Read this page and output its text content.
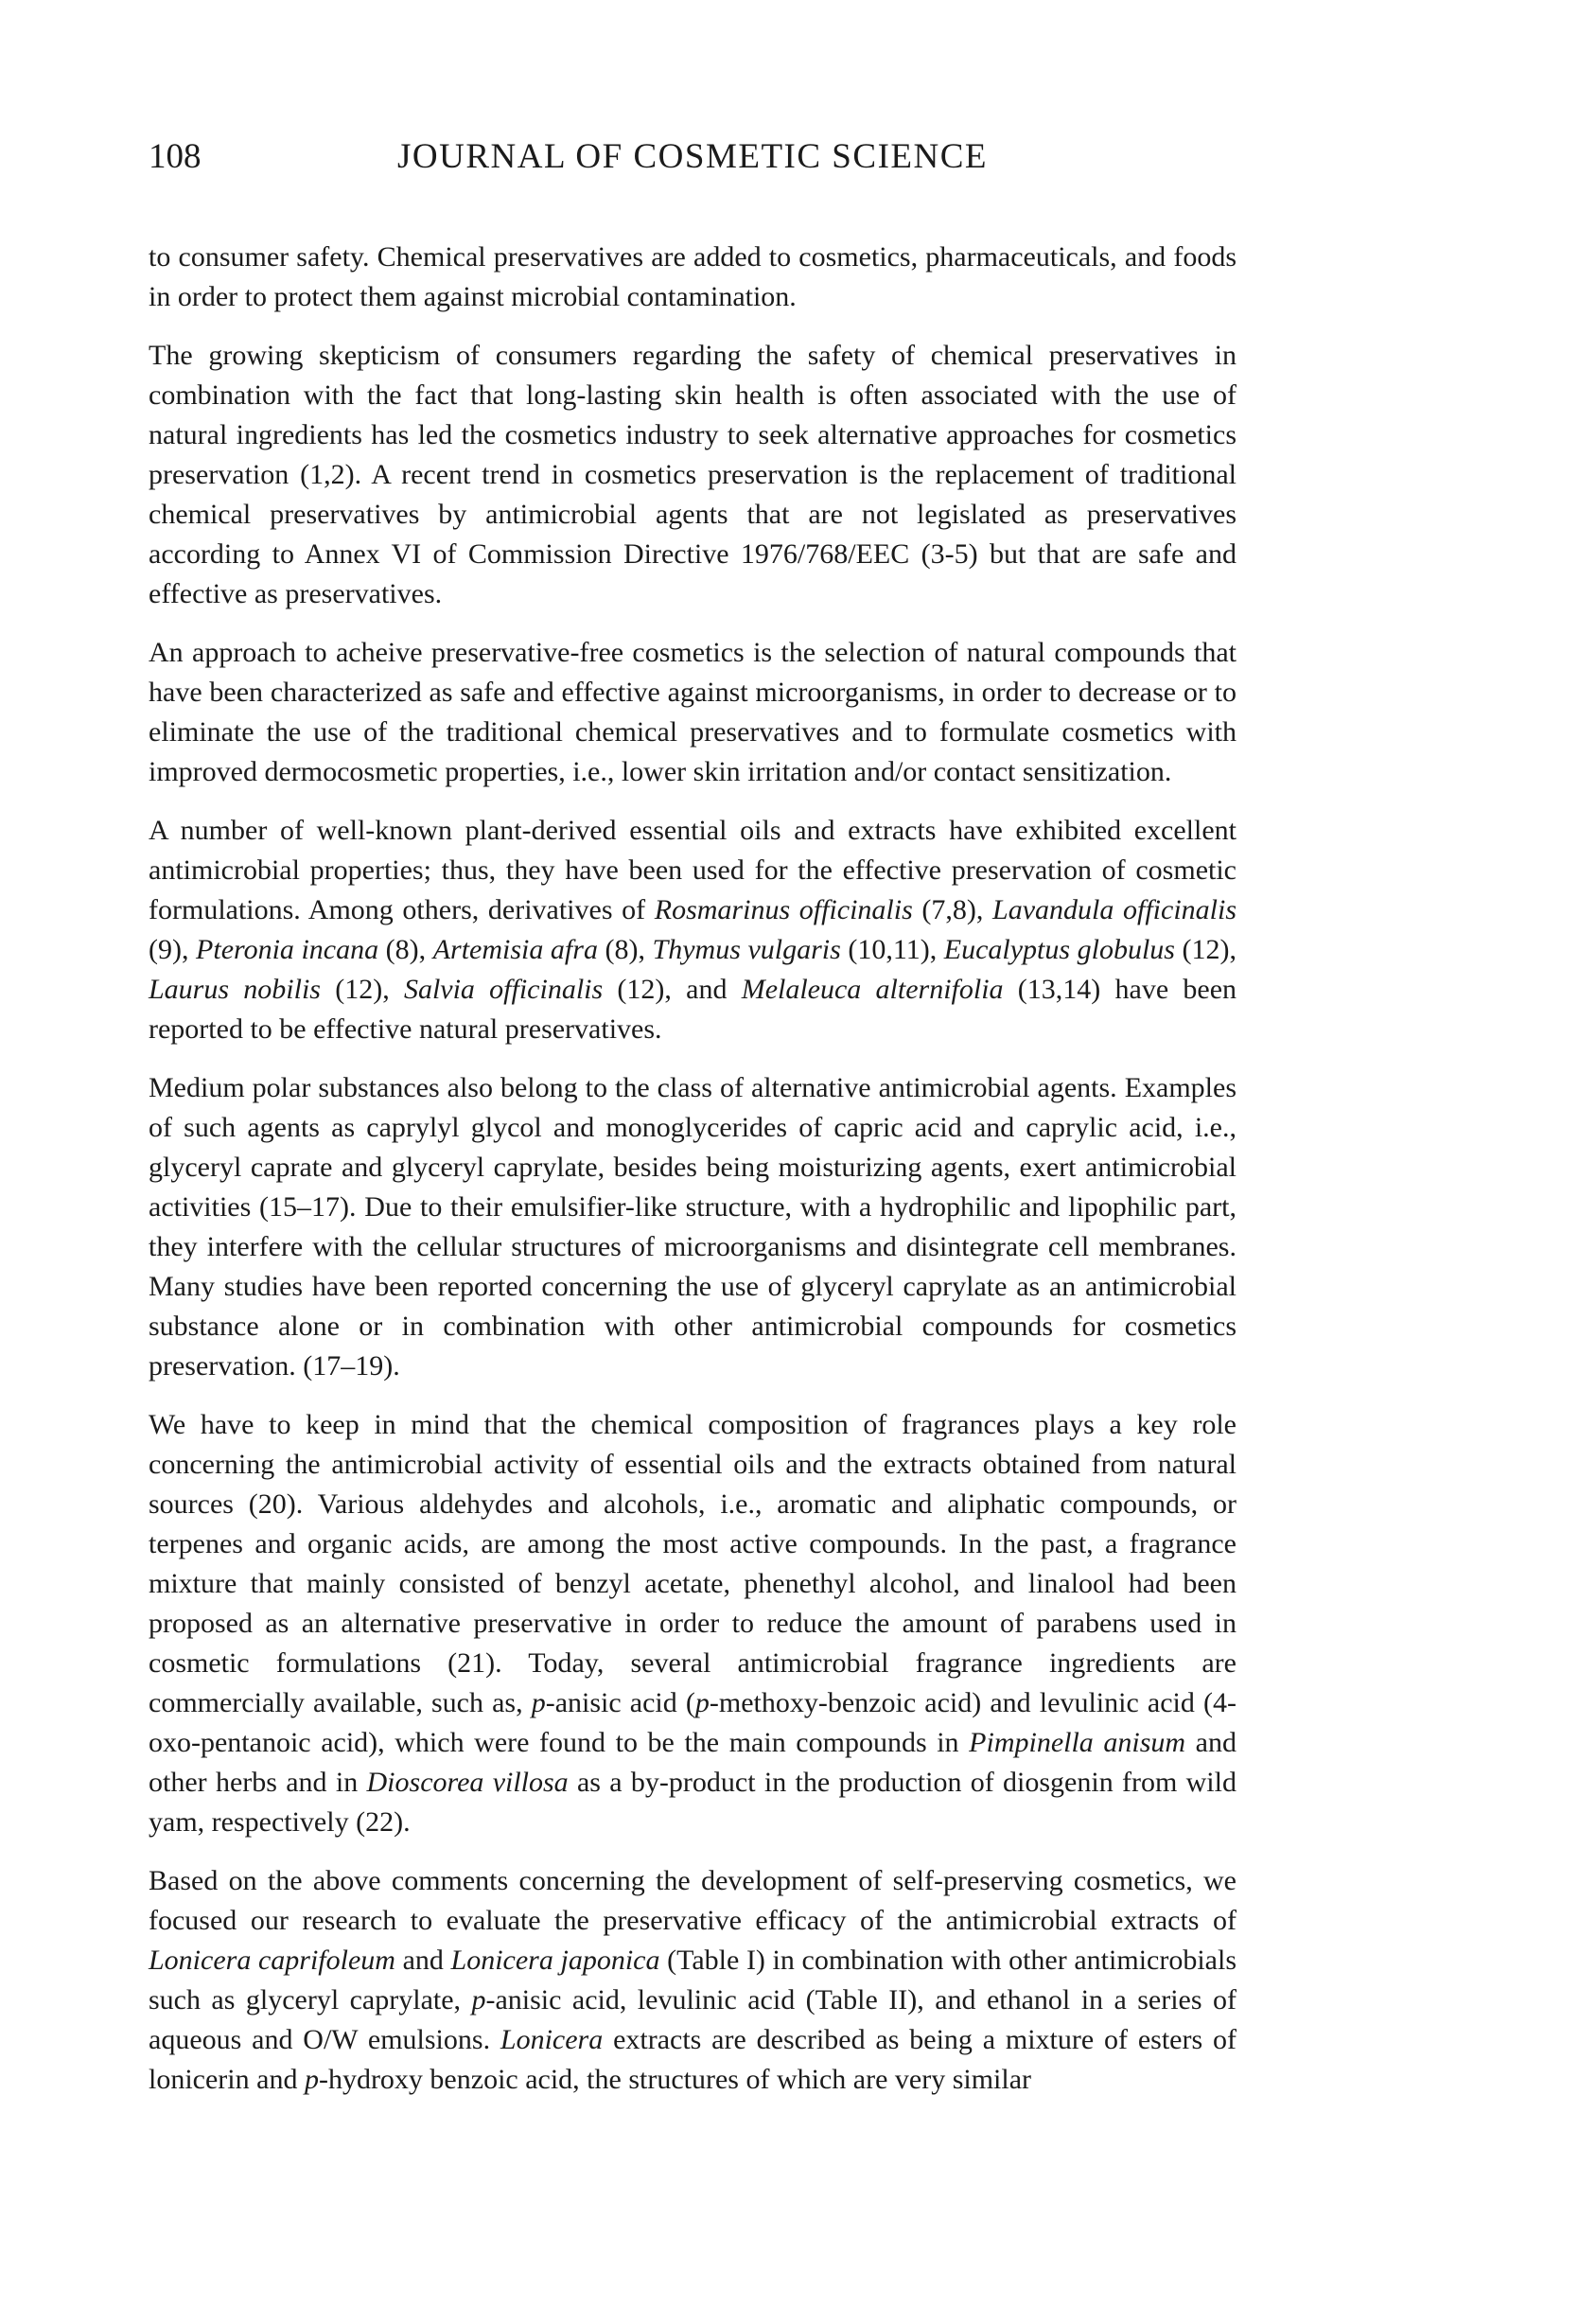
108	JOURNAL OF COSMETIC SCIENCE

to consumer safety. Chemical preservatives are added to cosmetics, pharmaceuticals, and foods in order to protect them against microbial contamination.

The growing skepticism of consumers regarding the safety of chemical preservatives in combination with the fact that long-lasting skin health is often associated with the use of natural ingredients has led the cosmetics industry to seek alternative approaches for cosmetics preservation (1,2). A recent trend in cosmetics preservation is the replacement of traditional chemical preservatives by antimicrobial agents that are not legislated as preservatives according to Annex VI of Commission Directive 1976/768/EEC (3-5) but that are safe and effective as preservatives.

An approach to acheive preservative-free cosmetics is the selection of natural compounds that have been characterized as safe and effective against microorganisms, in order to decrease or to eliminate the use of the traditional chemical preservatives and to formulate cosmetics with improved dermocosmetic properties, i.e., lower skin irritation and/or contact sensitization.

A number of well-known plant-derived essential oils and extracts have exhibited excellent antimicrobial properties; thus, they have been used for the effective preservation of cosmetic formulations. Among others, derivatives of Rosmarinus officinalis (7,8), Lavandula officinalis (9), Pteronia incana (8), Artemisia afra (8), Thymus vulgaris (10,11), Eucalyptus globulus (12), Laurus nobilis (12), Salvia officinalis (12), and Melaleuca alternifolia (13,14) have been reported to be effective natural preservatives.

Medium polar substances also belong to the class of alternative antimicrobial agents. Examples of such agents as caprylyl glycol and monoglycerides of capric acid and caprylic acid, i.e., glyceryl caprate and glyceryl caprylate, besides being moisturizing agents, exert antimicrobial activities (15–17). Due to their emulsifier-like structure, with a hydrophilic and lipophilic part, they interfere with the cellular structures of microorganisms and disintegrate cell membranes. Many studies have been reported concerning the use of glyceryl caprylate as an antimicrobial substance alone or in combination with other antimicrobial compounds for cosmetics preservation. (17–19).

We have to keep in mind that the chemical composition of fragrances plays a key role concerning the antimicrobial activity of essential oils and the extracts obtained from natural sources (20). Various aldehydes and alcohols, i.e., aromatic and aliphatic compounds, or terpenes and organic acids, are among the most active compounds. In the past, a fragrance mixture that mainly consisted of benzyl acetate, phenethyl alcohol, and linalool had been proposed as an alternative preservative in order to reduce the amount of parabens used in cosmetic formulations (21). Today, several antimicrobial fragrance ingredients are commercially available, such as, p-anisic acid (p-methoxy-benzoic acid) and levulinic acid (4-oxo-pentanoic acid), which were found to be the main compounds in Pimpinella anisum and other herbs and in Dioscorea villosa as a by-product in the production of diosgenin from wild yam, respectively (22).

Based on the above comments concerning the development of self-preserving cosmetics, we focused our research to evaluate the preservative efficacy of the antimicrobial extracts of Lonicera caprifoleum and Lonicera japonica (Table I) in combination with other antimicrobials such as glyceryl caprylate, p-anisic acid, levulinic acid (Table II), and ethanol in a series of aqueous and O/W emulsions. Lonicera extracts are described as being a mixture of esters of lonicerin and p-hydroxy benzoic acid, the structures of which are very similar
